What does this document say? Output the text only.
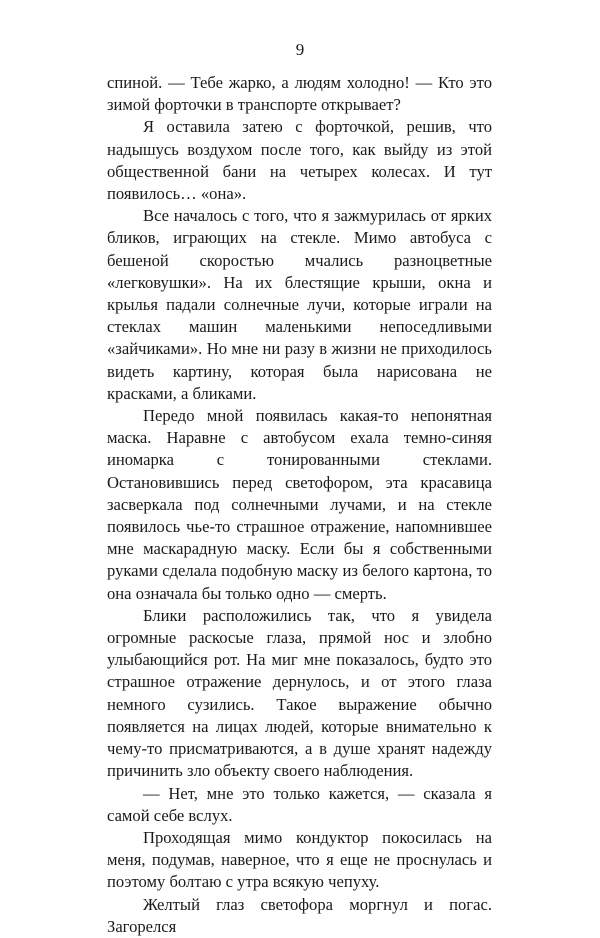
9

спиной. — Тебе жарко, а людям холодно! — Кто это зимой форточки в транспорте открывает?

Я оставила затею с форточкой, решив, что надышусь воздухом после того, как выйду из этой общественной бани на четырех колесах. И тут появилось… «она».

Все началось с того, что я зажмурилась от ярких бликов, играющих на стекле. Мимо автобуса с бешеной скоростью мчались разноцветные «легковушки». На их блестящие крыши, окна и крылья падали солнечные лучи, которые играли на стеклах машин маленькими непоседливыми «зайчиками». Но мне ни разу в жизни не приходилось видеть картину, которая была нарисована не красками, а бликами.

Передо мной появилась какая-то непонятная маска. Наравне с автобусом ехала темно-синяя иномарка с тонированными стеклами. Остановившись перед светофором, эта красавица засверкала под солнечными лучами, и на стекле появилось чье-то страшное отражение, напомнившее мне маскарадную маску. Если бы я собственными руками сделала подобную маску из белого картона, то она означала бы только одно — смерть.

Блики расположились так, что я увидела огромные раскосые глаза, прямой нос и злобно улыбающийся рот. На миг мне показалось, будто это страшное отражение дернулось, и от этого глаза немного сузились. Такое выражение обычно появляется на лицах людей, которые внимательно к чему-то присматриваются, а в душе хранят надежду причинить зло объекту своего наблюдения.

— Нет, мне это только кажется, — сказала я самой себе вслух.

Проходящая мимо кондуктор покосилась на меня, подумав, наверное, что я еще не проснулась и поэтому болтаю с утра всякую чепуху.

Желтый глаз светофора моргнул и погас. Загорелся
